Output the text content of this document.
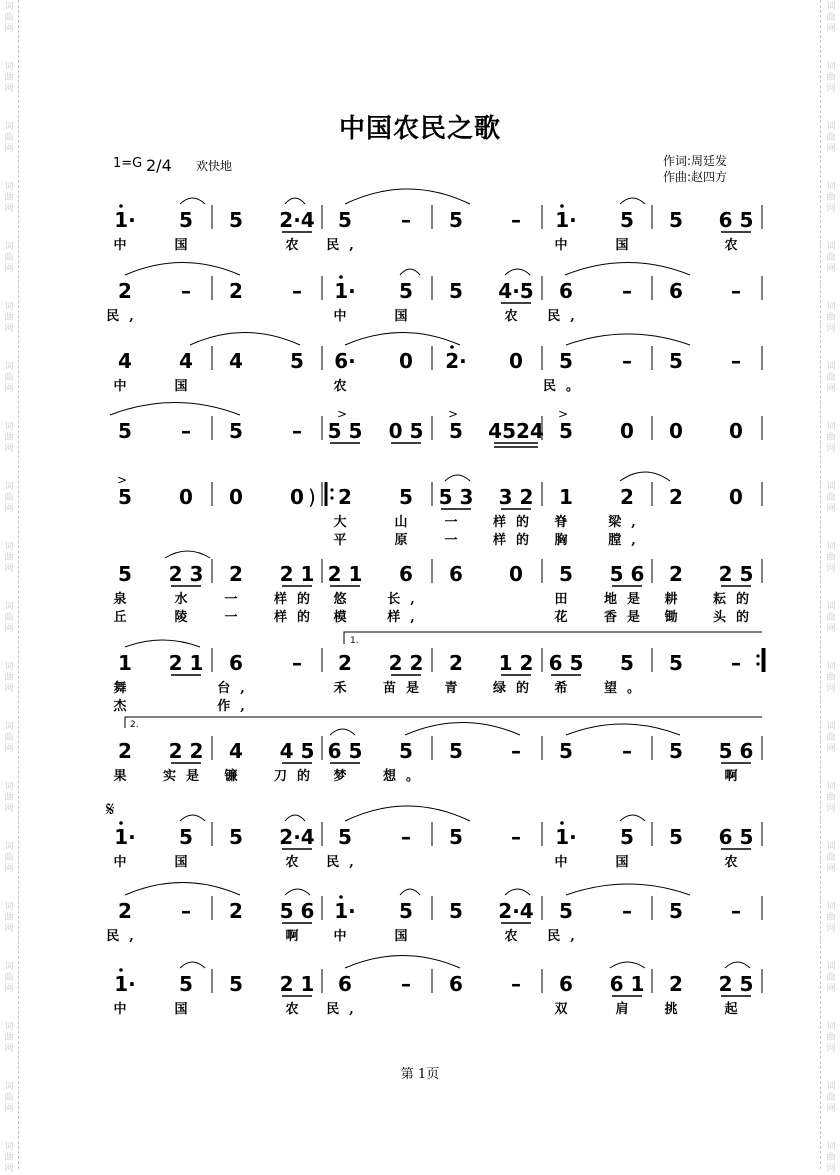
词
曲
网
词
曲
网
词
曲
网
词
曲
网
词
曲
网
词
曲
网
词
曲
网
词
曲
网
词
曲
网
词
曲
网
词
曲
网
词
曲
网
词
曲
网
词
曲
网
词
曲
网
词
曲
网
词
曲
网
词
曲
网
词
曲
网
词
曲
网
词
曲
网
词
曲
网
词
曲
网
词
曲
网
词
曲
网
词
曲
网
词
曲
网
词
曲
网
词
曲
网
词
曲
网
词
曲
网
词
曲
网
词
曲
网
词
曲
网
词
曲
网
词
曲
网
词
曲
网
词
曲
网
词
曲
网
词
曲
网
中国农民之歌
1=G 2/4 欢快地	作词:周廷发
作曲:赵四方
1· 5 5 2·4 5 – 5 – 1· 5 5 6 5
中	国	农 民,	中	国	农
2 – 2 – 1· 5 5 4·5 6 – 6 –
民,	中	国	农 民,
4 4 4 5 6· 0 2· 0 5 – 5 –
中	国	农	民。
5 – 5 – 5 5 0 5 5 4524 5 0 0 0
>	>	>
5 0 0 0 ) 2 5 5 3 3 2 1 2 2 0
>
大	山 一 样的 脊 梁,
平	原 一 样的 胸 膛,
5 2 3 2 2 1 2 1 6 6 0 5 5 6 2 2 5
泉	水 一 样的 悠 长,	田 地是 耕 耘的
丘	陵 一 样的 模 样,	花 香是 锄 头的
1 2 1 6 – 2 2 2 2 1 2 6 5 5 5 –
舞	台,	禾 苗是 青 绿的 希 望。
杰	作,
2 2 2 4 4 5 6 5 5 5 – 5 – 5 5 6
果 实是 镰 刀的 梦 想。	啊
1· 5 5 2·4 5 – 5 – 1· 5 5 6 5
中	国	农 民,	中	国	农
2 – 2 5 6 1· 5 5 2·4 5 – 5 –
民,	啊 中	国	农 民,
1· 5 5 2 1 6 – 6 – 6 6 1 2 2 5
中	国	农 民,	双	肩 挑	起
1.
2.
𝄋
第 1页
